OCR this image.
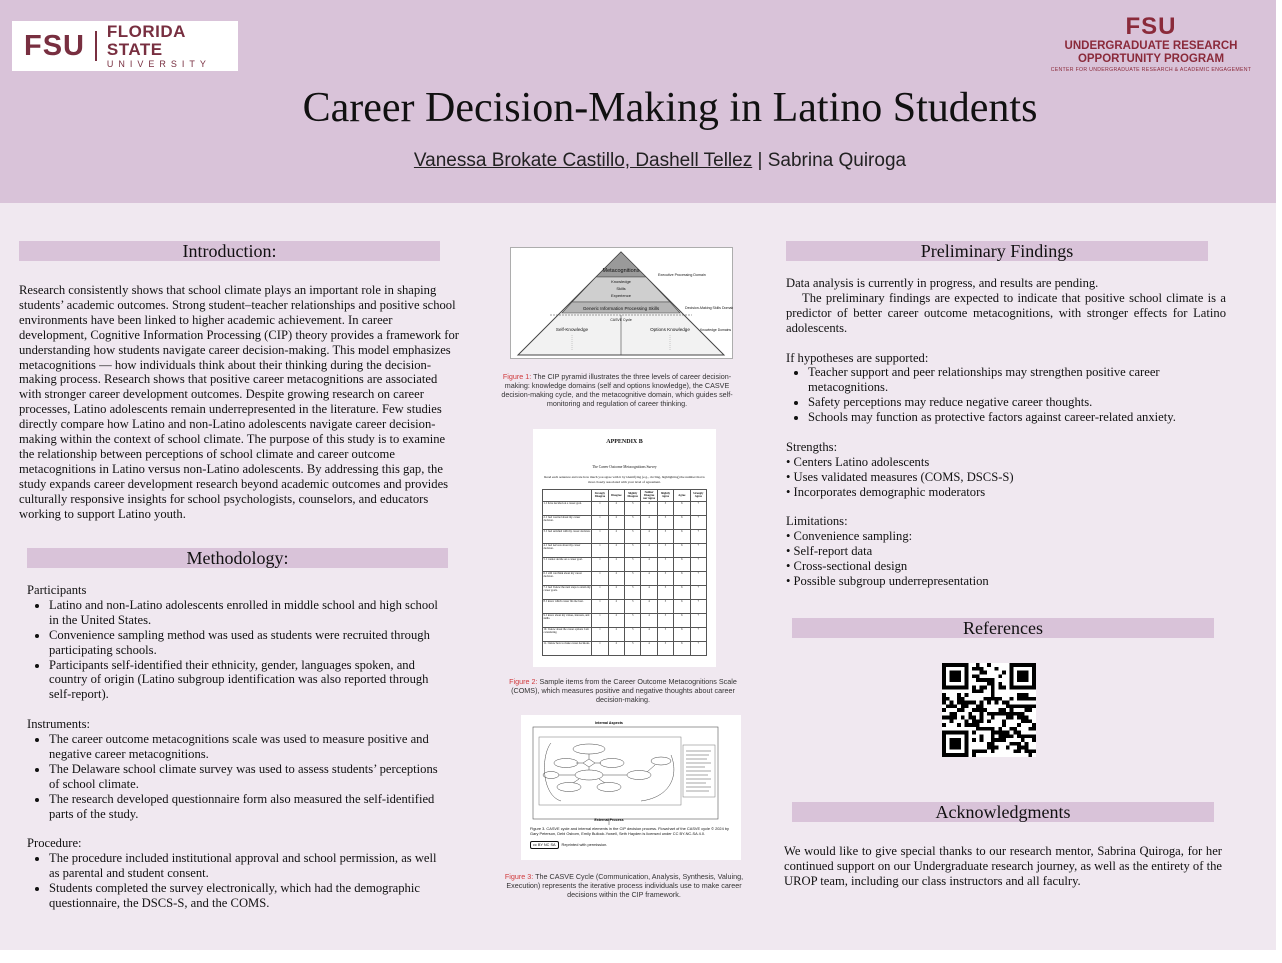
FSU FLORIDA STATE
UNIVERSITY
FSU
UNDERGRADUATE RESEARCH
OPPORTUNITY PROGRAM
CENTER FOR UNDERGRADUATE RESEARCH & ACADEMIC ENGAGEMENT
Career Decision-Making in Latino Students
Vanessa Brokate Castillo, Dashell Tellez | Sabrina Quiroga
Introduction:
Research consistently shows that school climate plays an important role in shaping students’ academic outcomes. Strong student–teacher relationships and positive school environments have been linked to higher academic achievement. In career development, Cognitive Information Processing (CIP) theory provides a framework for understanding how students navigate career decision-making. This model emphasizes metacognitions — how individuals think about their thinking during the decision-making process. Research shows that positive career metacognitions are associated with stronger career development outcomes. Despite growing research on career processes, Latino adolescents remain underrepresented in the literature. Few studies directly compare how Latino and non-Latino adolescents navigate career decision-making within the context of school climate. The purpose of this study is to examine the relationship between perceptions of school climate and career outcome metacognitions in Latino versus non-Latino adolescents. By addressing this gap, the study expands career development research beyond academic outcomes and provides culturally responsive insights for school psychologists, counselors, and educators working to support Latino youth.
Methodology:
Participants
• Latino and non-Latino adolescents enrolled in middle school and high school in the United States.
• Convenience sampling method was used as students were recruited through participating schools.
• Participants self-identified their ethnicity, gender, languages spoken, and country of origin (Latino subgroup identification was also reported through self-report).
Instruments:
• The career outcome metacognitions scale was used to measure positive and negative career metacognitions.
• The Delaware school climate survey was used to assess students’ perceptions of school climate.
• The research developed questionnaire form also measured the self-identified parts of the study.
Procedure:
• The procedure included institutional approval and school permission, as well as parental and student consent.
• Students completed the survey electronically, which had the demographic questionnaire, the DSCS-S, and the COMS.
Metacognitions
Knowledge
Skills
Experience
Generic Information Processing Skills
CASVE Cycle
Self-Knowledge	Options Knowledge
Executive Processing Domain
Decision-Making Skills Domain
Knowledge Domains
Figure 1: The CIP pyramid illustrates the three levels of career decision-making: knowledge domains (self and options knowledge), the CASVE decision-making cycle, and the metacognitive domain, which guides self-monitoring and regulation of career thinking.
APPENDIX B
The Career Outcome Metacognitions Survey
Read each sentence and rate how much you agree with it by identifying (e.g., circling, highlighting) the number that is most closely associated with your level of agreement.
	Strongly Disagree	Disagree	Slightly Disagree	Neither Disagree nor Agree	Slightly Agree	Agree	Strongly Agree
1. I have decided on a career goal.	1	2	3	4	5	6	7
2. I feel worried about my career decision.	1	2	3	4	5	6	7
3. I feel satisfied with my career decision.	1	2	3	4	5	6	7
4. I feel nervous about my career decision.	1	2	3	4	5	6	7
5. I cannot decide on a career goal.	1	2	3	4	5	6	7
6. I still can think about my career decision.	1	2	3	4	5	6	7
7. I feel I know the next steps to attain my career goals.	1	2	3	4	5	6	7
8. I know which career fits me best.	1	2	3	4	5	6	7
9. I know about my values, interests, and skills.	1	2	3	4	5	6	7
10. I know about the career options I am considering.	1	2	3	4	5	6	7
11. I know how to make career decisions.	1	2	3	4	5	6	7
Figure 2: Sample items from the Career Outcome Metacognitions Scale (COMS), which measures positive and negative thoughts about career decision-making.
Internal Aspects
External Process
Figure 3. CASVE cycle and internal elements in the CIP decision process. Flowchart of the CASVE cycle © 2024 by Gary Peterson, Debi Osborn, Emily Bullock-Yowell, Seth Hayden is licensed under CC BY-NC-SA 4.0.
cc BY NC SA	Reprinted with permission.
Figure 3: The CASVE Cycle (Communication, Analysis, Synthesis, Valuing, Execution) represents the iterative process individuals use to make career decisions within the CIP framework.
Preliminary Findings
Data analysis is currently in progress, and results are pending.
The preliminary findings are expected to indicate that positive school climate is a predictor of better career outcome metacognitions, with stronger effects for Latino adolescents.
If hypotheses are supported:
• Teacher support and peer relationships may strengthen positive career metacognitions.
• Safety perceptions may reduce negative career thoughts.
• Schools may function as protective factors against career-related anxiety.
Strengths:
• Centers Latino adolescents
• Uses validated measures (COMS, DSCS-S)
• Incorporates demographic moderators
Limitations:
• Convenience sampling:
• Self-report data
• Cross-sectional design
• Possible subgroup underrepresentation
References
Acknowledgments
We would like to give special thanks to our research mentor, Sabrina Quiroga, for her continued support on our Undergraduate research journey, as well as the entirety of the UROP team, including our class instructors and all faculry.
